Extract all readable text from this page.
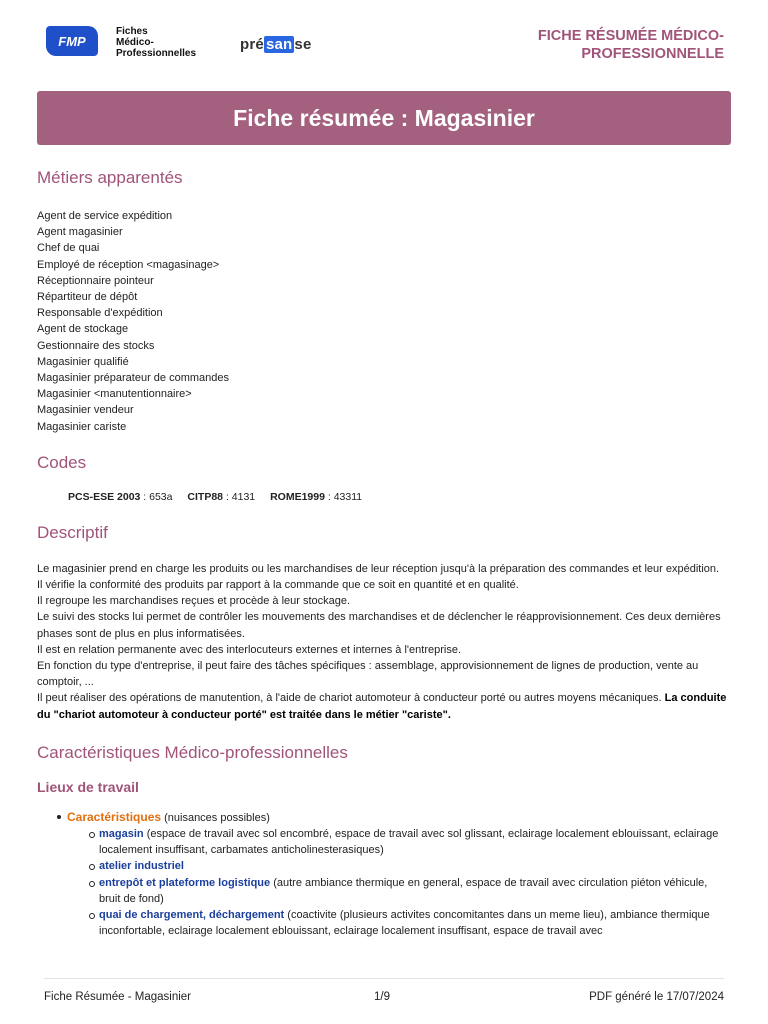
FMP
Fiches
Médico-
Professionnelles
pré san se	FICHE RÉSUMÉE MÉDICO-
PROFESSIONNELLE
Fiche résumée : Magasinier
Métiers apparentés
Agent de service expédition
Agent magasinier
Chef de quai
Employé de réception <magasinage>
Réceptionnaire pointeur
Répartiteur de dépôt
Responsable d'expédition
Agent de stockage
Gestionnaire des stocks
Magasinier qualifié
Magasinier préparateur de commandes
Magasinier <manutentionnaire>
Magasinier vendeur
Magasinier cariste
Codes
PCS-ESE 2003 : 653a CITP88 : 4131 ROME1999 : 43311
Descriptif

Le magasinier prend en charge les produits ou les marchandises de leur réception jusqu'à la préparation des commandes et leur expédition.

Il vérifie la conformité des produits par rapport à la commande que ce soit en quantité et en qualité.

Il regroupe les marchandises reçues et procède à leur stockage.

Le suivi des stocks lui permet de contrôler les mouvements des marchandises et de déclencher le réapprovisionnement. Ces deux dernières phases sont de plus en plus informatisées.

Il est en relation permanente avec des interlocuteurs externes et internes à l'entreprise.

En fonction du type d'entreprise, il peut faire des tâches spécifiques : assemblage, approvisionnement de lignes de production, vente au comptoir, ...

Il peut réaliser des opérations de manutention, à l'aide de chariot automoteur à conducteur porté ou autres moyens mécaniques. La conduite du "chariot automoteur à conducteur porté" est traitée dans le métier "cariste".

Caractéristiques Médico-professionnelles
Lieux de travail
Caractéristiques (nuisances possibles)
magasin (espace de travail avec sol encombré, espace de travail avec sol glissant, eclairage localement eblouissant, eclairage localement insuffisant, carbamates anticholinesterasiques)
atelier industriel
entrepôt et plateforme logistique (autre ambiance thermique en general, espace de travail avec circulation piéton véhicule, bruit de fond)
quai de chargement, déchargement (coactivite (plusieurs activites concomitantes dans un meme lieu), ambiance thermique inconfortable, eclairage localement eblouissant, eclairage localement insuffisant, espace de travail avec
Fiche Résumée - Magasinier	1/9	PDF généré le 17/07/2024
